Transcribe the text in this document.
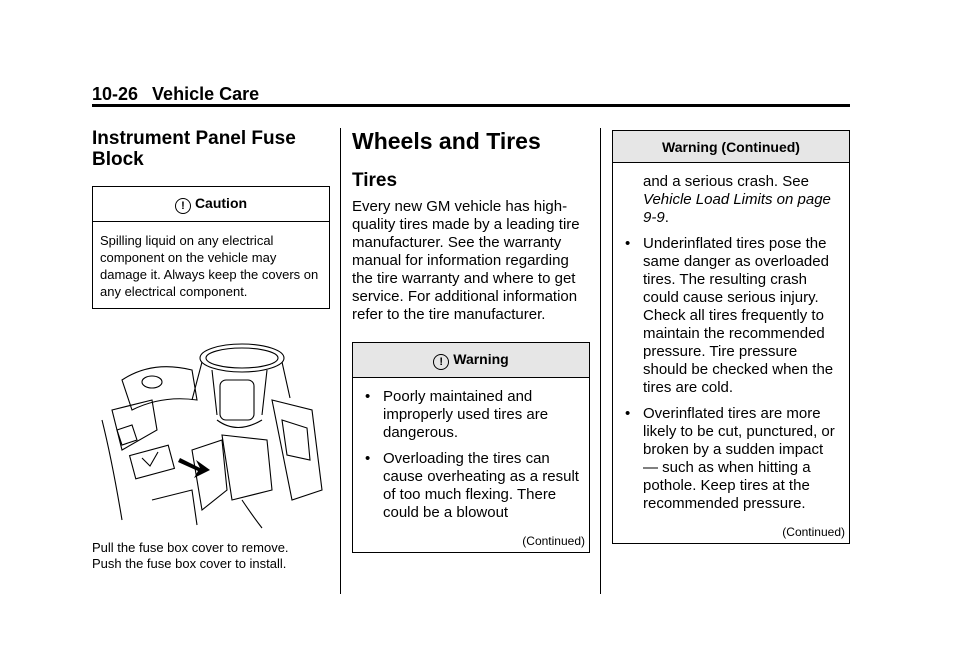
10-26 Vehicle Care
Instrument Panel Fuse Block
! Caution
Spilling liquid on any electrical component on the vehicle may damage it. Always keep the covers on any electrical component.
Pull the fuse box cover to remove.
Push the fuse box cover to install.
Wheels and Tires
Tires

Every new GM vehicle has high-quality tires made by a leading tire manufacturer. See the warranty manual for information regarding the tire warranty and where to get service. For additional information refer to the tire manufacturer.

! Warning
• Poorly maintained and improperly used tires are dangerous.
• Overloading the tires can cause overheating as a result of too much flexing. There could be a blowout
(Continued)
Warning (Continued)
and a serious crash. See Vehicle Load Limits on page 9-9.
• Underinflated tires pose the same danger as overloaded tires. The resulting crash could cause serious injury. Check all tires frequently to maintain the recommended pressure. Tire pressure should be checked when the tires are cold.
• Overinflated tires are more likely to be cut, punctured, or broken by a sudden impact — such as when hitting a pothole. Keep tires at the recommended pressure.
(Continued)
